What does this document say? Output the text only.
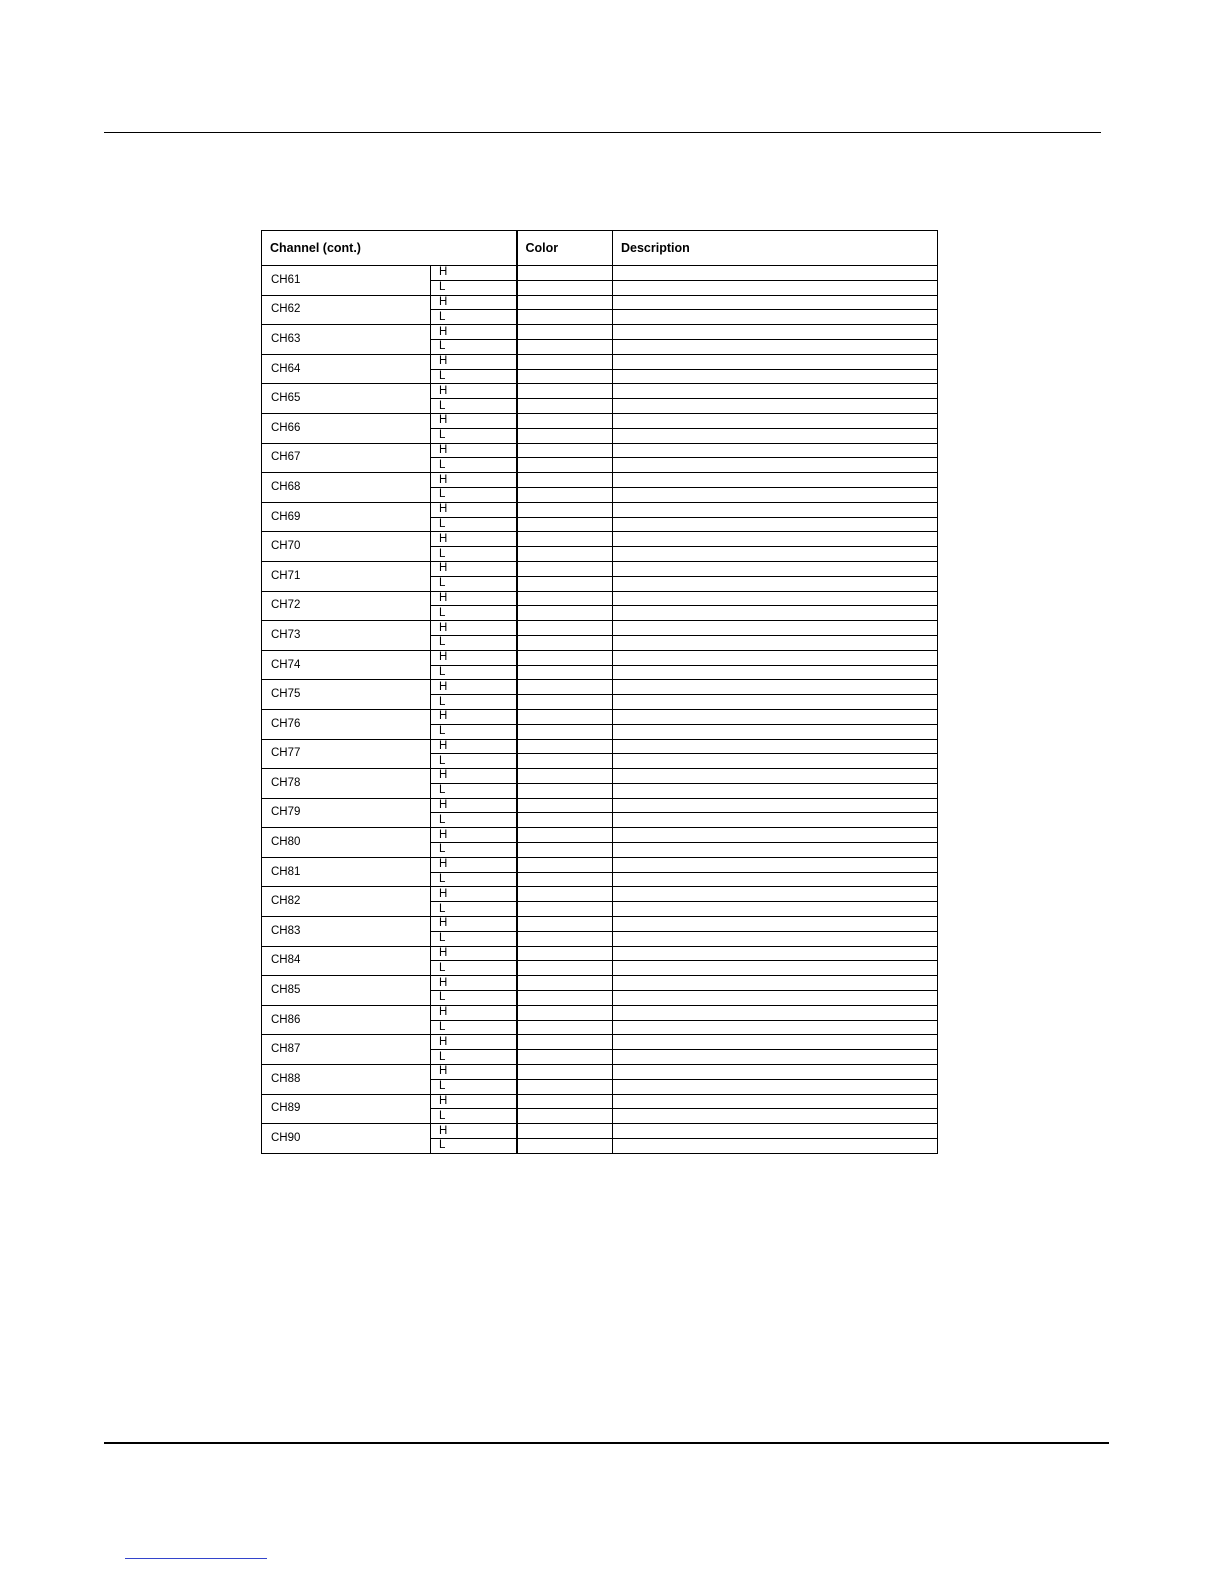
Channel (cont.)		Color	Description
CH61	H		
	L		
CH62	H		
	L		
CH63	H		
	L		
CH64	H		
	L		
CH65	H		
	L		
CH66	H		
	L		
CH67	H		
	L		
CH68	H		
	L		
CH69	H		
	L		
CH70	H		
	L		
CH71	H		
	L		
CH72	H		
	L		
CH73	H		
	L		
CH74	H		
	L		
CH75	H		
	L		
CH76	H		
	L		
CH77	H		
	L		
CH78	H		
	L		
CH79	H		
	L		
CH80	H		
	L		
CH81	H		
	L		
CH82	H		
	L		
CH83	H		
	L		
CH84	H		
	L		
CH85	H		
	L		
CH86	H		
	L		
CH87	H		
	L		
CH88	H		
	L		
CH89	H		
	L		
CH90	H		
	L		
